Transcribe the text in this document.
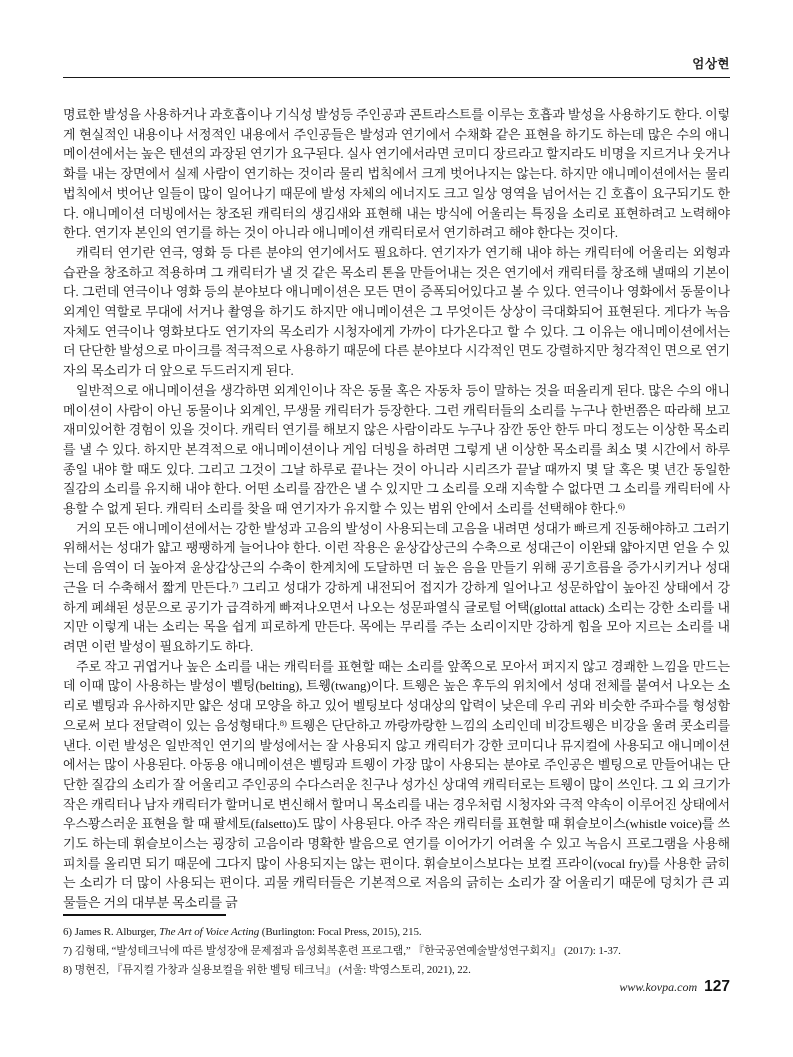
엄상현

명료한 발성을 사용하거나 과호흡이나 기식성 발성등 주인공과 콘트라스트를 이루는 호흡과 발성을 사용하기도 한다. 이렇게 현실적인 내용이나 서정적인 내용에서 주인공들은 발성과 연기에서 수채화 같은 표현을 하기도 하는데 많은 수의 애니메이션에서는 높은 텐션의 과장된 연기가 요구된다. 실사 연기에서라면 코미디 장르라고 할지라도 비명을 지르거나 웃거나 화를 내는 장면에서 실제 사람이 연기하는 것이라 물리 법칙에서 크게 벗어나지는 않는다. 하지만 애니메이션에서는 물리 법칙에서 벗어난 일들이 많이 일어나기 때문에 발성 자체의 에너지도 크고 일상 영역을 넘어서는 긴 호흡이 요구되기도 한다. 애니메이션 더빙에서는 창조된 캐릭터의 생김새와 표현해 내는 방식에 어울리는 특징을 소리로 표현하려고 노력해야 한다. 연기자 본인의 연기를 하는 것이 아니라 애니메이션 캐릭터로서 연기하려고 해야 한다는 것이다.

캐릭터 연기란 연극, 영화 등 다른 분야의 연기에서도 필요하다. 연기자가 연기해 내야 하는 캐릭터에 어울리는 외형과 습관을 창조하고 적용하며 그 캐릭터가 낼 것 같은 목소리 톤을 만들어내는 것은 연기에서 캐릭터를 창조해 낼때의 기본이다. 그런데 연극이나 영화 등의 분야보다 애니메이션은 모든 면이 증폭되어있다고 볼 수 있다. 연극이나 영화에서 동물이나 외계인 역할로 무대에 서거나 촬영을 하기도 하지만 애니메이션은 그 무엇이든 상상이 극대화되어 표현된다. 게다가 녹음 자체도 연극이나 영화보다도 연기자의 목소리가 시청자에게 가까이 다가온다고 할 수 있다. 그 이유는 애니메이션에서는 더 단단한 발성으로 마이크를 적극적으로 사용하기 때문에 다른 분야보다 시각적인 면도 강렬하지만 청각적인 면으로 연기자의 목소리가 더 앞으로 두드러지게 된다.

일반적으로 애니메이션을 생각하면 외계인이나 작은 동물 혹은 자동차 등이 말하는 것을 떠올리게 된다. 많은 수의 애니메이션이 사람이 아닌 동물이나 외계인, 무생물 캐릭터가 등장한다. 그런 캐릭터들의 소리를 누구나 한번쯤은 따라해 보고 재미있어한 경험이 있을 것이다. 캐릭터 연기를 해보지 않은 사람이라도 누구나 잠깐 동안 한두 마디 정도는 이상한 목소리를 낼 수 있다. 하지만 본격적으로 애니메이션이나 게임 더빙을 하려면 그렇게 낸 이상한 목소리를 최소 몇 시간에서 하루 종일 내야 할 때도 있다. 그리고 그것이 그날 하루로 끝나는 것이 아니라 시리즈가 끝날 때까지 몇 달 혹은 몇 년간 동일한 질감의 소리를 유지해 내야 한다. 어떤 소리를 잠깐은 낼 수 있지만 그 소리를 오래 지속할 수 없다면 그 소리를 캐릭터에 사용할 수 없게 된다. 캐릭터 소리를 찾을 때 연기자가 유지할 수 있는 범위 안에서 소리를 선택해야 한다.$^{6)}$

거의 모든 애니메이션에서는 강한 발성과 고음의 발성이 사용되는데 고음을 내려면 성대가 빠르게 진동해야하고 그러기 위해서는 성대가 얇고 팽팽하게 늘어나야 한다. 이런 작용은 윤상갑상근의 수축으로 성대근이 이완돼 얇아지면 얻을 수 있는데 음역이 더 높아져 윤상갑상근의 수축이 한계치에 도달하면 더 높은 음을 만들기 위해 공기흐름을 증가시키거나 성대근을 더 수축해서 짧게 만든다.$^{7)}$ 그리고 성대가 강하게 내전되어 접지가 강하게 일어나고 성문하압이 높아진 상태에서 강하게 폐쇄된 성문으로 공기가 급격하게 빠져나오면서 나오는 성문파열식 글로털 어택(glottal attack) 소리는 강한 소리를 내지만 이렇게 내는 소리는 목을 쉽게 피로하게 만든다. 목에는 무리를 주는 소리이지만 강하게 힘을 모아 지르는 소리를 내려면 이런 발성이 필요하기도 하다.

주로 작고 귀엽거나 높은 소리를 내는 캐릭터를 표현할 때는 소리를 앞쪽으로 모아서 퍼지지 않고 경쾌한 느낌을 만드는데 이때 많이 사용하는 발성이 벨팅(belting), 트웽(twang)이다. 트웽은 높은 후두의 위치에서 성대 전체를 붙여서 나오는 소리로 벨팅과 유사하지만 얇은 성대 모양을 하고 있어 벨팅보다 성대상의 압력이 낮은데 우리 귀와 비슷한 주파수를 형성함으로써 보다 전달력이 있는 음성형태다.$^{8)}$ 트웽은 단단하고 까랑까랑한 느낌의 소리인데 비강트웽은 비강을 울려 콧소리를 낸다. 이런 발성은 일반적인 연기의 발성에서는 잘 사용되지 않고 캐릭터가 강한 코미디나 뮤지컬에 사용되고 애니메이션에서는 많이 사용된다. 아동용 애니메이션은 벨팅과 트웽이 가장 많이 사용되는 분야로 주인공은 벨팅으로 만들어내는 단단한 질감의 소리가 잘 어울리고 주인공의 수다스러운 친구나 성가신 상대역 캐릭터로는 트웽이 많이 쓰인다. 그 외 크기가 작은 캐릭터나 남자 캐릭터가 할머니로 변신해서 할머니 목소리를 내는 경우처럼 시청자와 극적 약속이 이루어진 상태에서 우스꽝스러운 표현을 할 때 팔세토(falsetto)도 많이 사용된다. 아주 작은 캐릭터를 표현할 때 휘슬보이스(whistle voice)를 쓰기도 하는데 휘슬보이스는 굉장히 고음이라 명확한 발음으로 연기를 이어가기 어려울 수 있고 녹음시 프로그램을 사용해 피치를 올리면 되기 때문에 그다지 많이 사용되지는 않는 편이다. 휘슬보이스보다는 보컬 프라이(vocal fry)를 사용한 긁히는 소리가 더 많이 사용되는 편이다. 괴물 캐릭터들은 기본적으로 저음의 긁히는 소리가 잘 어울리기 때문에 덩치가 큰 괴물들은 거의 대부분 목소리를 긁

6) James R. Alburger, The Art of Voice Acting (Burlington: Focal Press, 2015), 215.

7) 김형태, “발성테크닉에 따른 발성장애 문제점과 음성회복훈련 프로그램,” 『한국공연예술발성연구회지』 (2017): 1-37.

8) 명현진, 『뮤지컬 가창과 실용보컬을 위한 벨팅 테크닉』 (서울: 박영스토리, 2021), 22.

www.kovpa.com 127
